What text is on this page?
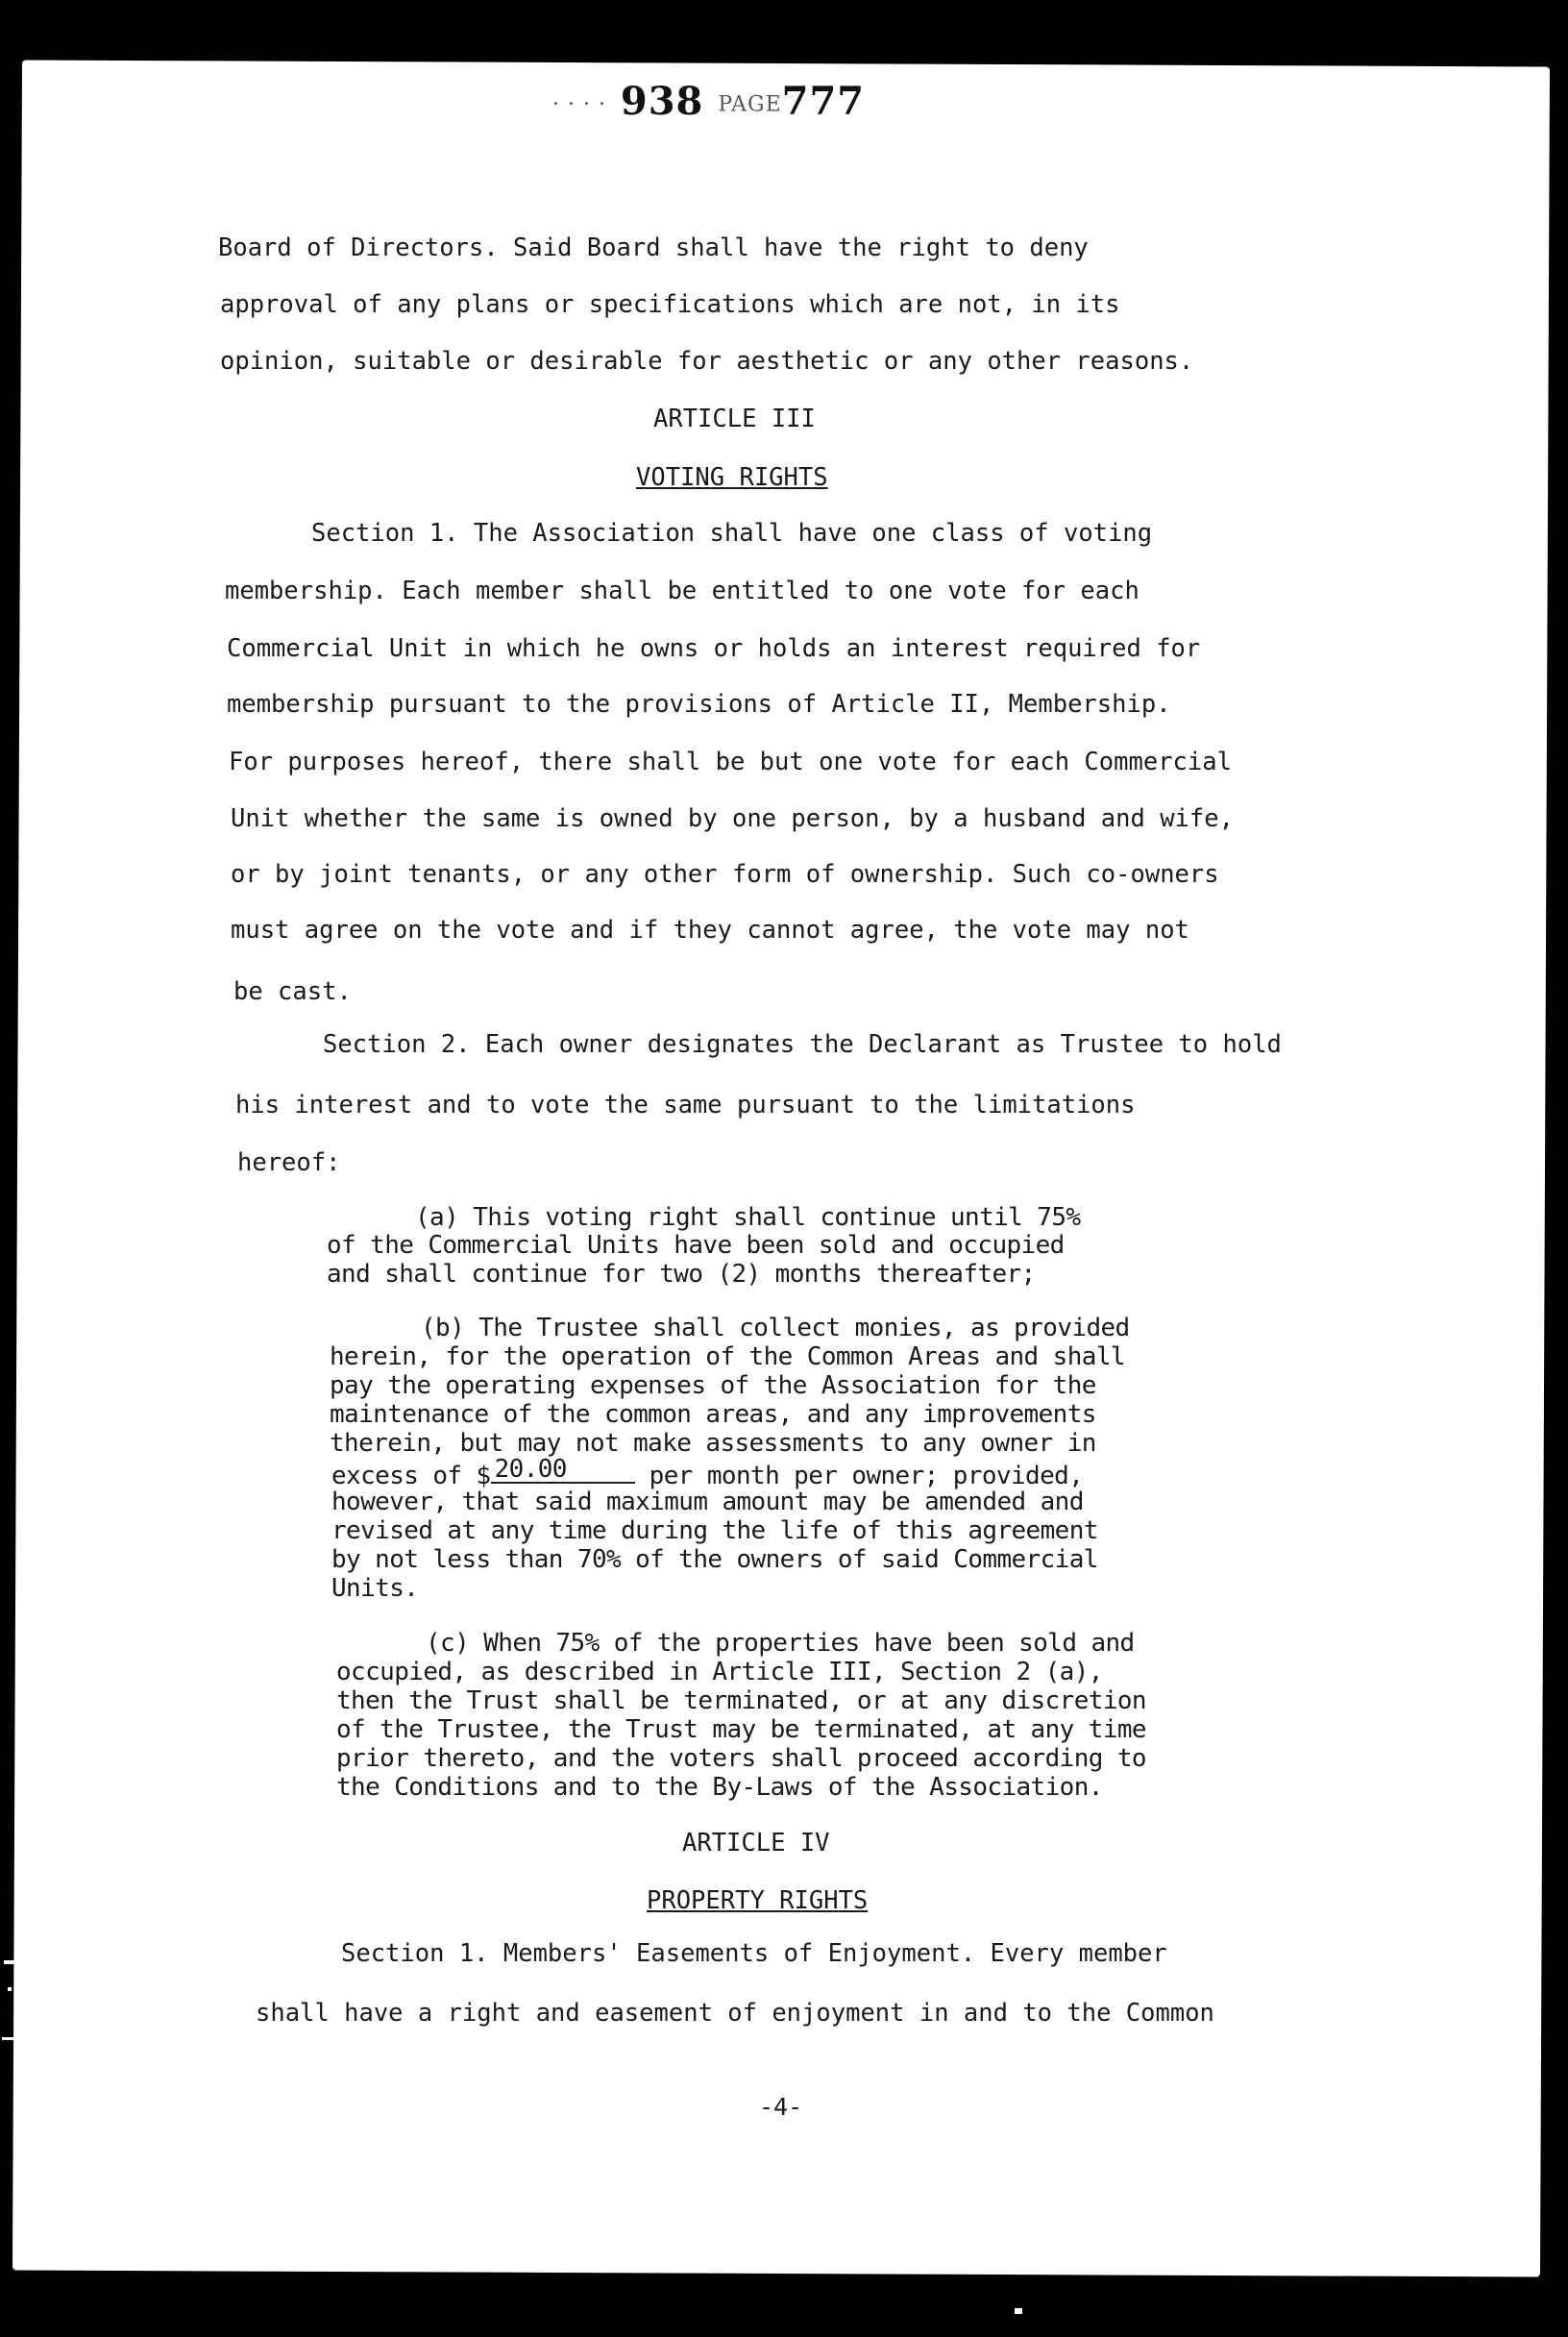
· · · · 938 PAGE777
Board of Directors. Said Board shall have the right to deny
approval of any plans or specifications which are not, in its
opinion, suitable or desirable for aesthetic or any other reasons.
ARTICLE III
VOTING RIGHTS
Section 1. The Association shall have one class of voting
membership. Each member shall be entitled to one vote for each
Commercial Unit in which he owns or holds an interest required for
membership pursuant to the provisions of Article II, Membership.
For purposes hereof, there shall be but one vote for each Commercial
Unit whether the same is owned by one person, by a husband and wife,
or by joint tenants, or any other form of ownership. Such co-owners
must agree on the vote and if they cannot agree, the vote may not
be cast.
Section 2. Each owner designates the Declarant as Trustee to hold
his interest and to vote the same pursuant to the limitations
hereof:
(a) This voting right shall continue until 75%
of the Commercial Units have been sold and occupied
and shall continue for two (2) months thereafter;
(b) The Trustee shall collect monies, as provided
herein, for the operation of the Common Areas and shall
pay the operating expenses of the Association for the
maintenance of the common areas, and any improvements
therein, but may not make assessments to any owner in
excess of $ 20.00	per month per owner; provided,
however, that said maximum amount may be amended and
revised at any time during the life of this agreement
by not less than 70% of the owners of said Commercial
Units.
(c) When 75% of the properties have been sold and
occupied, as described in Article III, Section 2 (a),
then the Trust shall be terminated, or at any discretion
of the Trustee, the Trust may be terminated, at any time
prior thereto, and the voters shall proceed according to
the Conditions and to the By-Laws of the Association.
ARTICLE IV
PROPERTY RIGHTS
Section 1. Members' Easements of Enjoyment. Every member
shall have a right and easement of enjoyment in and to the Common
-4-
